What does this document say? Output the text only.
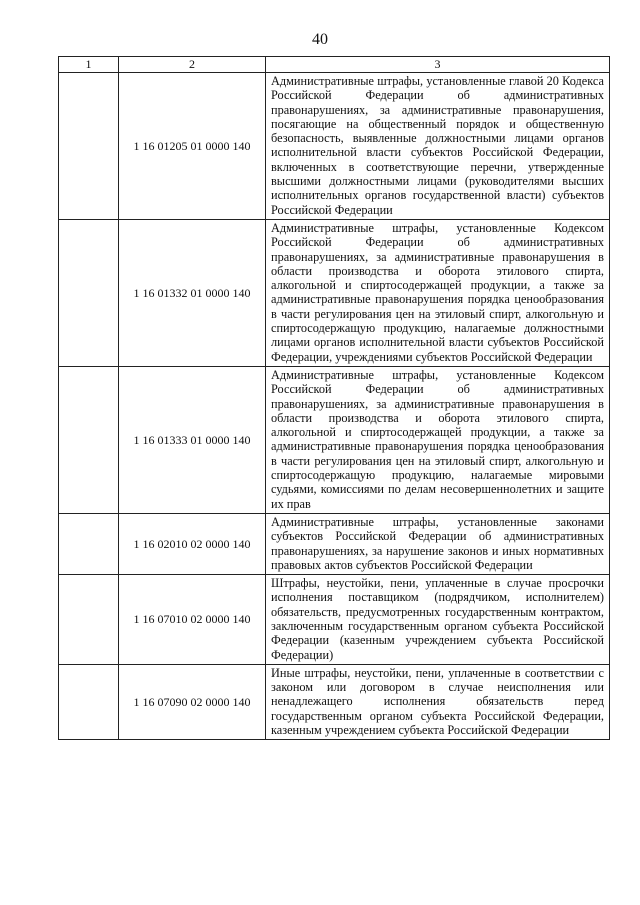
40
1	2	3
	1 16 01205 01 0000 140	Административные штрафы, установленные главой 20 Кодекса Российской Федерации об административных правонарушениях, за административные правонарушения, посягающие на общественный порядок и общественную безопасность, выявленные должностными лицами органов исполнительной власти субъектов Российской Федерации, включенных в соответствующие перечни, утвержденные высшими должностными лицами (руководителями высших исполнительных органов государственной власти) субъектов Российской Федерации
	1 16 01332 01 0000 140	Административные штрафы, установленные Кодексом Российской Федерации об административных правонарушениях, за административные правонарушения в области производства и оборота этилового спирта, алкогольной и спиртосодержащей продукции, а также за административные правонарушения порядка ценообразования в части регулирования цен на этиловый спирт, алкогольную и спиртосодержащую продукцию, налагаемые должностными лицами органов исполнительной власти субъектов Российской Федерации, учреждениями субъектов Российской Федерации
	1 16 01333 01 0000 140	Административные штрафы, установленные Кодексом Российской Федерации об административных правонарушениях, за административные правонарушения в области производства и оборота этилового спирта, алкогольной и спиртосодержащей продукции, а также за административные правонарушения порядка ценообразования в части регулирования цен на этиловый спирт, алкогольную и спиртосодержащую продукцию, налагаемые мировыми судьями, комиссиями по делам несовершеннолетних и защите их прав
	1 16 02010 02 0000 140	Административные штрафы, установленные законами субъектов Российской Федерации об административных правонарушениях, за нарушение законов и иных нормативных правовых актов субъектов Российской Федерации
	1 16 07010 02 0000 140	Штрафы, неустойки, пени, уплаченные в случае просрочки исполнения поставщиком (подрядчиком, исполнителем) обязательств, предусмотренных государственным контрактом, заключенным государственным органом субъекта Российской Федерации (казенным учреждением субъекта Российской Федерации)
	1 16 07090 02 0000 140	Иные штрафы, неустойки, пени, уплаченные в соответствии с законом или договором в случае неисполнения или ненадлежащего исполнения обязательств перед государственным органом субъекта Российской Федерации, казенным учреждением субъекта Российской Федерации
